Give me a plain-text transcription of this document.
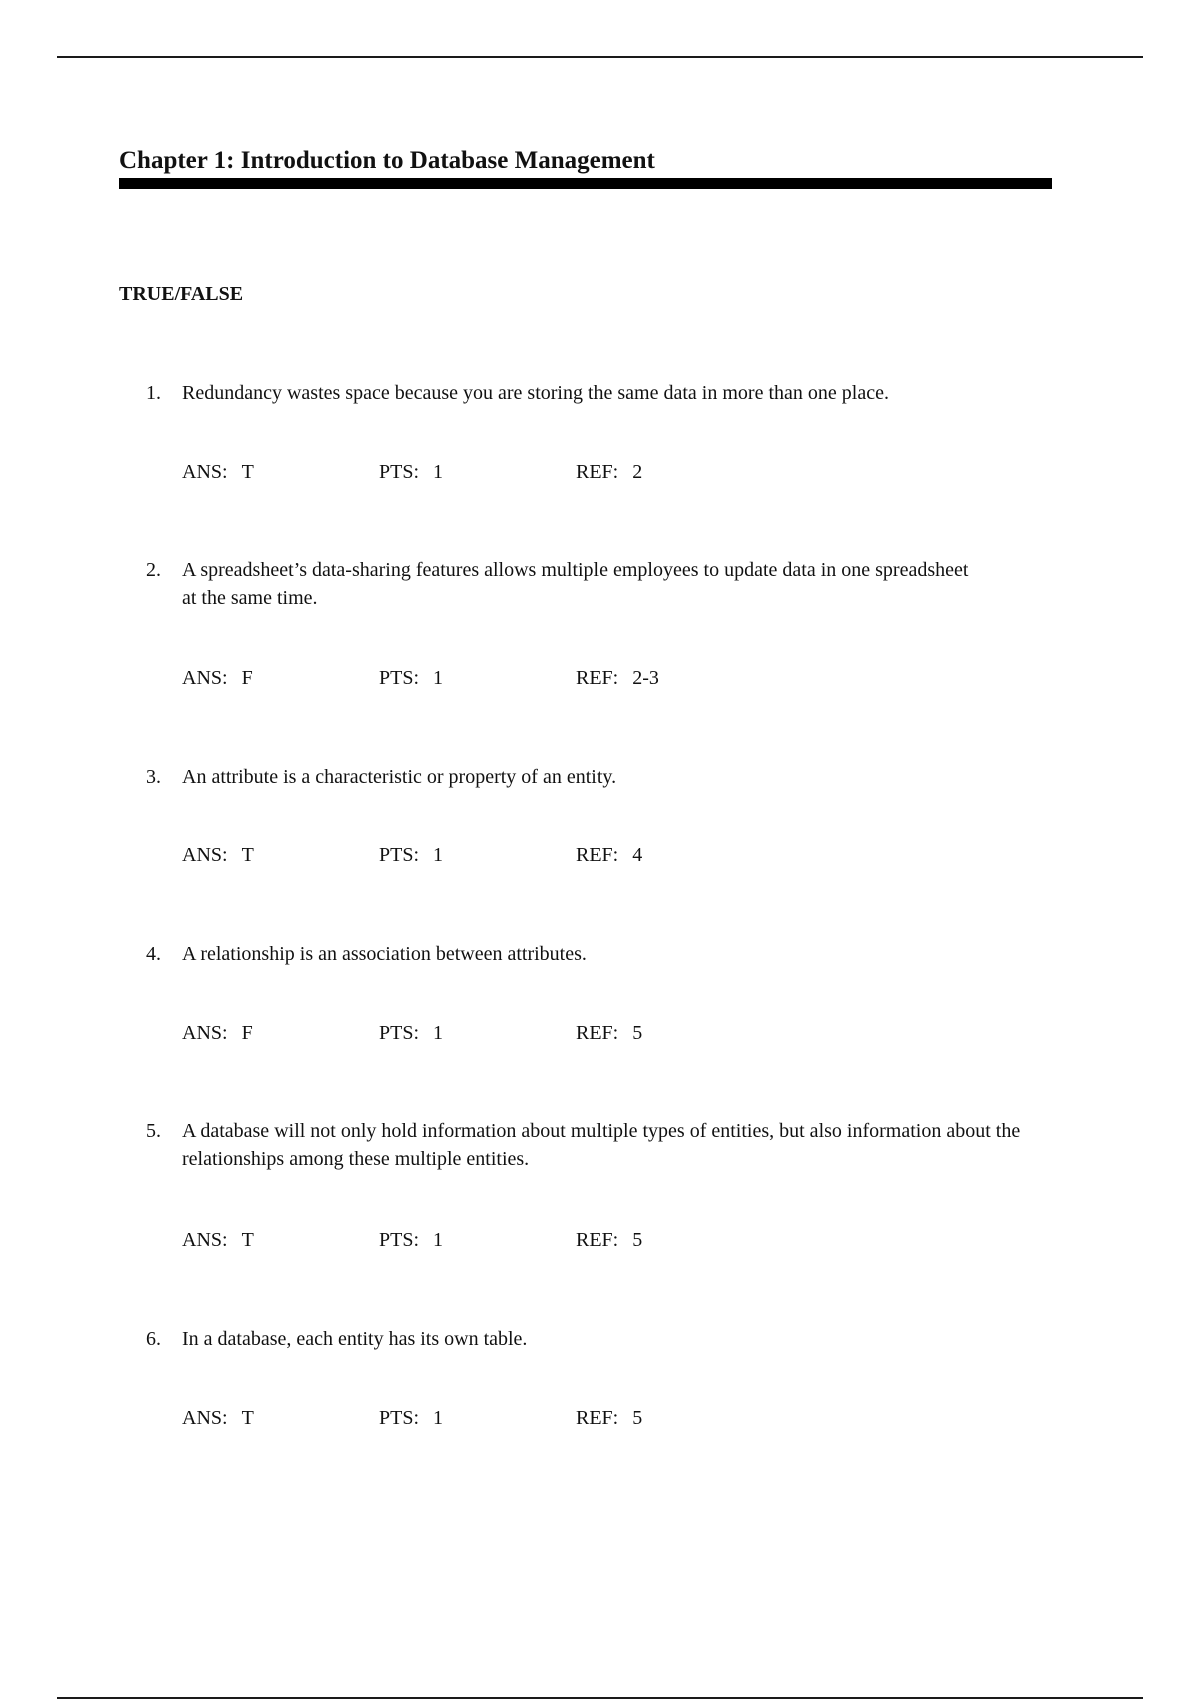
Chapter 1: Introduction to Database Management
TRUE/FALSE
1. Redundancy wastes space because you are storing the same data in more than one place.
ANS: T	PTS: 1	REF: 2
2. A spreadsheet’s data-sharing features allows multiple employees to update data in one spreadsheet at the same time.
ANS: F	PTS: 1	REF: 2-3
3. An attribute is a characteristic or property of an entity.
ANS: T	PTS: 1	REF: 4
4. A relationship is an association between attributes.
ANS: F	PTS: 1	REF: 5
5. A database will not only hold information about multiple types of entities, but also information about the relationships among these multiple entities.
ANS: T	PTS: 1	REF: 5
6. In a database, each entity has its own table.
ANS: T	PTS: 1	REF: 5
